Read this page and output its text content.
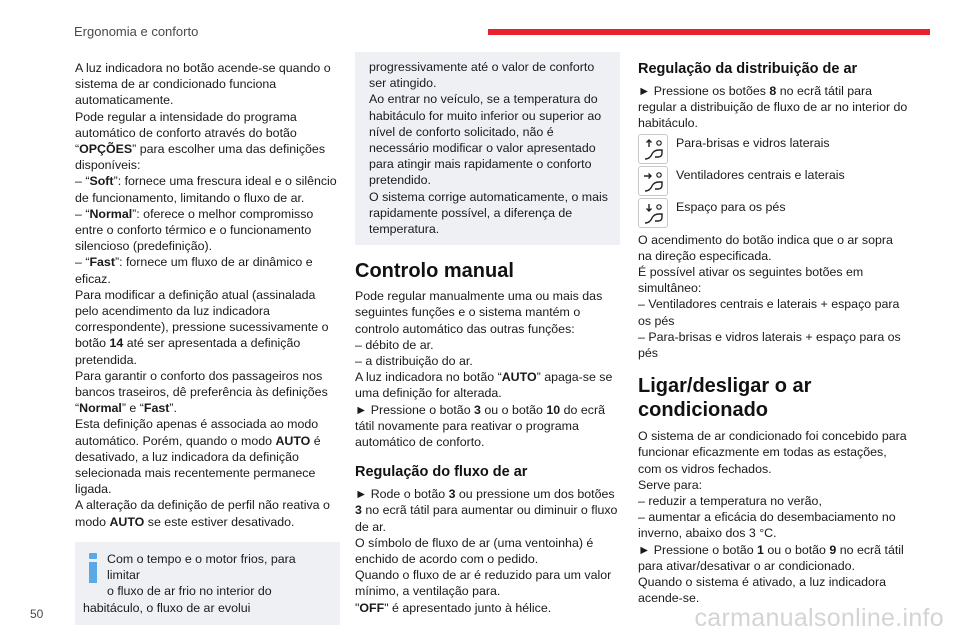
Ergonomia e conforto

A luz indicadora no botão acende-se quando o sistema de ar condicionado funciona automaticamente.

Pode regular a intensidade do programa automático de conforto através do botão “OPÇÕES” para escolher uma das definições disponíveis:

– “Soft”: fornece uma frescura ideal e o silêncio de funcionamento, limitando o fluxo de ar.

– “Normal”: oferece o melhor compromisso entre o conforto térmico e o funcionamento silencioso (predefinição).

– “Fast”: fornece um fluxo de ar dinâmico e eficaz.

Para modificar a definição atual (assinalada pelo acendimento da luz indicadora correspondente), pressione sucessivamente o botão 14 até ser apresentada a definição pretendida.

Para garantir o conforto dos passageiros nos bancos traseiros, dê preferência às definições “Normal” e “Fast”.

Esta definição apenas é associada ao modo automático. Porém, quando o modo AUTO é desativado, a luz indicadora da definição selecionada mais recentemente permanece ligada.

A alteração da definição de perfil não reativa o modo AUTO se este estiver desativado.

Com o tempo e o motor frios, para limitar

o fluxo de ar frio no interior do

habitáculo, o fluxo de ar evolui

progressivamente até o valor de conforto ser atingido.

Ao entrar no veículo, se a temperatura do habitáculo for muito inferior ou superior ao nível de conforto solicitado, não é necessário modificar o valor apresentado para atingir mais rapidamente o conforto pretendido.

O sistema corrige automaticamente, o mais rapidamente possível, a diferença de temperatura.

Controlo manual

Pode regular manualmente uma ou mais das seguintes funções e o sistema mantém o controlo automático das outras funções:

– débito de ar.

– a distribuição do ar.

A luz indicadora no botão “AUTO” apaga-se se uma definição for alterada.

► Pressione o botão 3 ou o botão 10 do ecrã tátil novamente para reativar o programa automático de conforto.

Regulação do fluxo de ar

► Rode o botão 3 ou pressione um dos botões 3 no ecrã tátil para aumentar ou diminuir o fluxo de ar.

O símbolo de fluxo de ar (uma ventoinha) é enchido de acordo com o pedido.

Quando o fluxo de ar é reduzido para um valor mínimo, a ventilação para.

"OFF" é apresentado junto à hélice.

Regulação da distribuição de ar

► Pressione os botões 8 no ecrã tátil para regular a distribuição de fluxo de ar no interior do habitáculo.

Para-brisas e vidros laterais

Ventiladores centrais e laterais

Espaço para os pés

O acendimento do botão indica que o ar sopra na direção especificada.

É possível ativar os seguintes botões em simultâneo:

– Ventiladores centrais e laterais + espaço para os pés

– Para-brisas e vidros laterais + espaço para os pés

Ligar/desligar o ar condicionado

O sistema de ar condicionado foi concebido para funcionar eficazmente em todas as estações, com os vidros fechados.

Serve para:

– reduzir a temperatura no verão,

– aumentar a eficácia do desembaciamento no inverno, abaixo dos 3 °C.

► Pressione o botão 1 ou o botão 9 no ecrã tátil para ativar/desativar o ar condicionado.

Quando o sistema é ativado, a luz indicadora acende-se.

50	carmanualsonline.info
